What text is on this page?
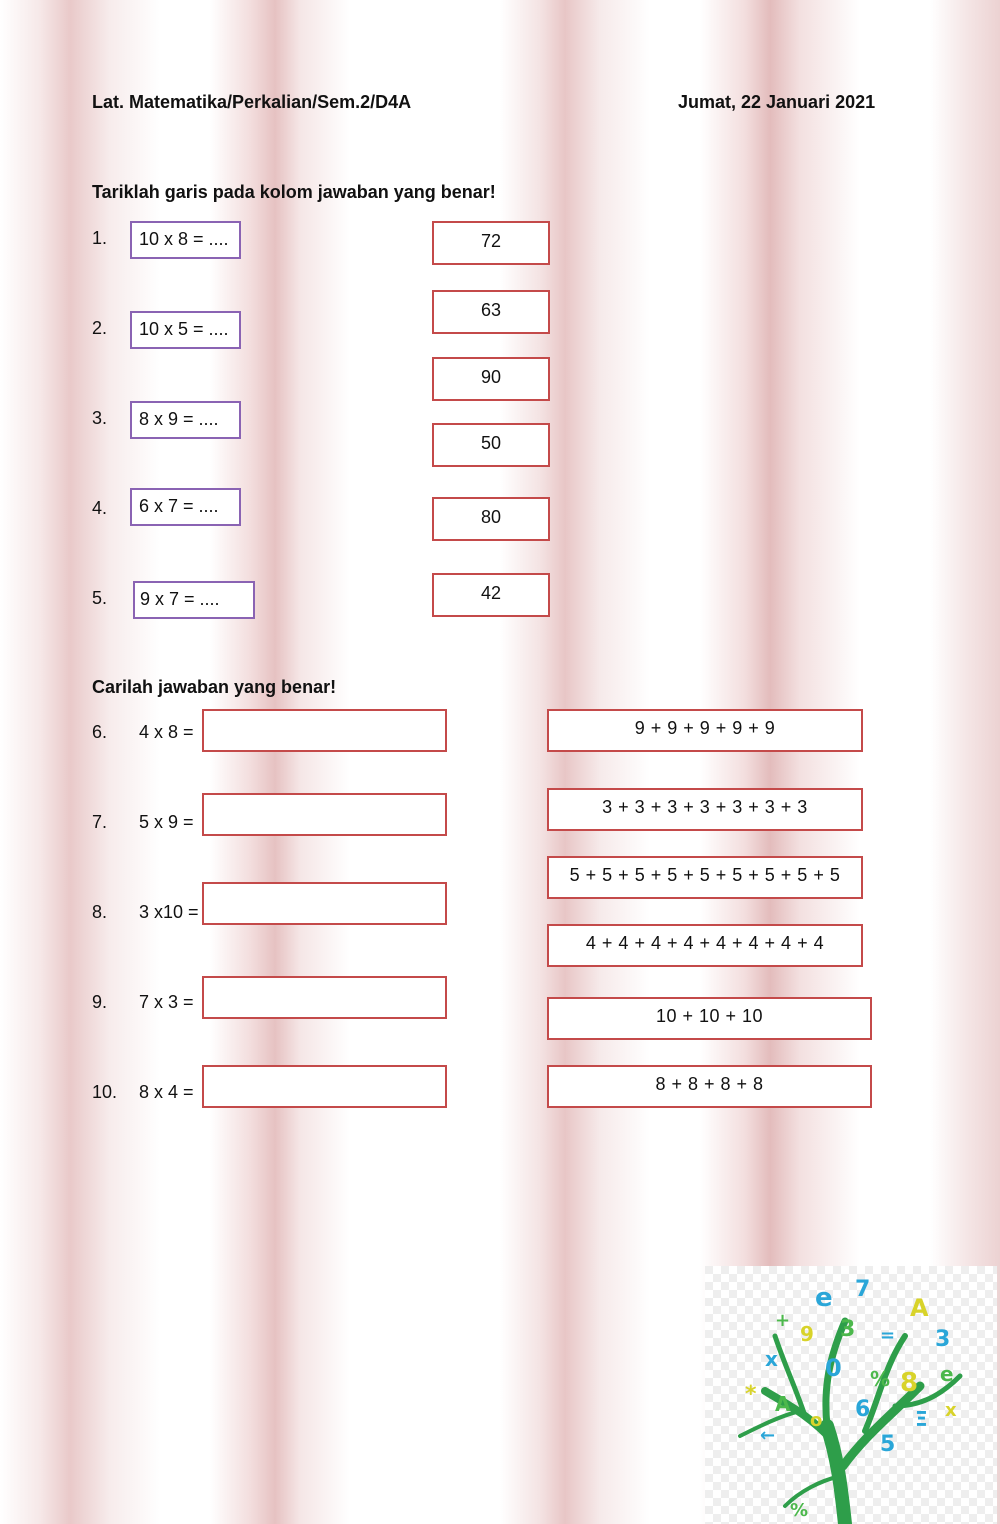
Lat. Matematika/Perkalian/Sem.2/D4A	Jumat, 22 Januari 2021
Tariklah garis pada kolom jawaban yang benar!
1.	10 x 8 = ....
2.	10 x 5 = ....
3.	8 x 9 = ....
4.	6 x 7 = ....
5.	9 x 7 = ....
72
63
90
50
80
42
Carilah jawaban yang benar!
6. 4 x 8 =
7. 5 x 9 =
8. 3 x10 =
9. 7 x 3 =
10. 8 x 4 =
9 + 9 + 9 + 9 + 9
3 + 3 + 3 + 3 + 3 + 3 + 3
5 + 5 + 5 + 5 + 5 + 5 + 5 + 5 + 5
4 + 4 + 4 + 4 + 4 + 4 + 4 + 4
10 + 10 + 10
8 + 8 + 8 + 8
e 7
A
3
+
9 3 =
x 0 % 8 e
* A	6 Ξ
o
←	5
x
%
